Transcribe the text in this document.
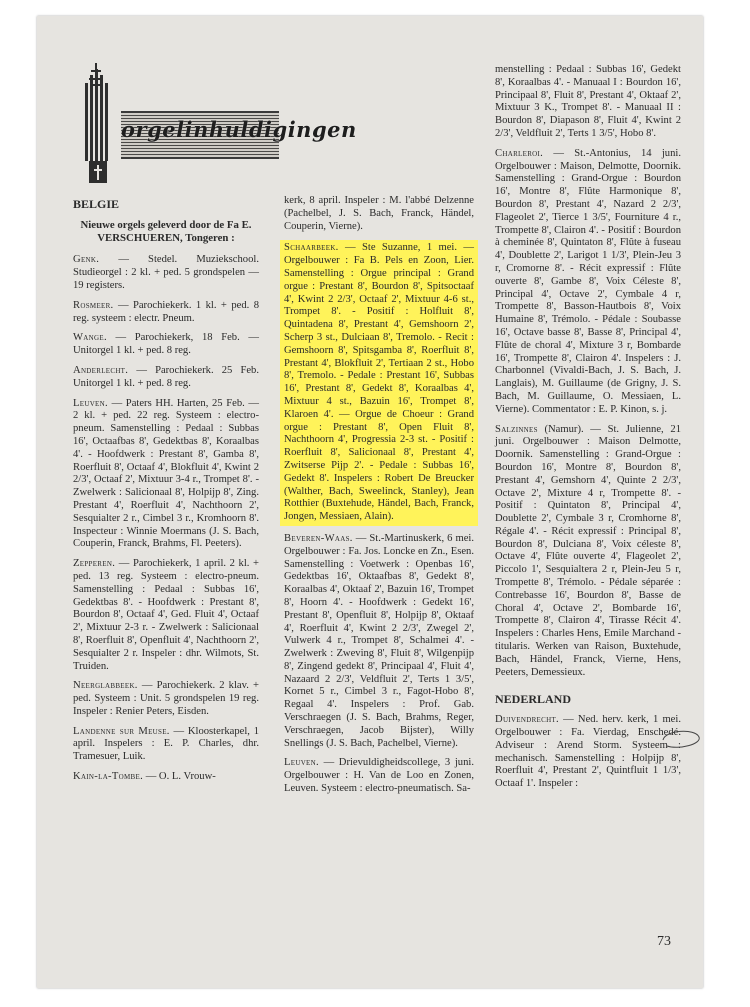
orgelinhuldigingen
BELGIE
Nieuwe orgels geleverd door de Fa E. VERSCHUEREN, Tongeren :

Genk. — Stedel. Muziekschool. Studieorgel : 2 kl. + ped. 5 grondspelen — 19 registers.

Rosmeer. — Parochiekerk. 1 kl. + ped. 8 reg. systeem : electr. Pneum.

Wange. — Parochiekerk, 18 Feb. — Unitorgel 1 kl. + ped. 8 reg.

Anderlecht. — Parochiekerk. 25 Feb. Unitorgel 1 kl. + ped. 8 reg.

Leuven. — Paters HH. Harten, 25 Feb. — 2 kl. + ped. 22 reg. Systeem : electro-pneum. Samenstelling : Pedaal : Subbas 16', Octaafbas 8', Gedektbas 8', Koraalbas 4'. - Hoofdwerk : Prestant 8', Gamba 8', Roerfluit 8', Octaaf 4', Blokfluit 4', Kwint 2 2/3', Octaaf 2', Mixtuur 3-4 r., Trompet 8'. - Zwelwerk : Salicionaal 8', Holpijp 8', Zing. Prestant 4', Roerfluit 4', Nachthoorn 2', Sesquialter 2 r., Cimbel 3 r., Kromhoorn 8'. Inspecteur : Winnie Moermans (J. S. Bach, Couperin, Franck, Brahms, Fl. Peeters).

Zepperen. — Parochiekerk, 1 april. 2 kl. + ped. 13 reg. Systeem : electro-pneum. Samenstelling : Pedaal : Subbas 16', Gedektbas 8'. - Hoofdwerk : Prestant 8', Bourdon 8', Octaaf 4', Ged. Fluit 4', Octaaf 2', Mixtuur 2-3 r. - Zwelwerk : Salicionaal 8', Roerfluit 8', Openfluit 4', Nachthoorn 2', Sesquialter 2 r. Inspeler : dhr. Wilmots, St. Truiden.

Neerglabbeek. — Parochiekerk. 2 klav. + ped. Systeem : Unit. 5 grondspelen 19 reg. Inspeler : Renier Peters, Eisden.

Landenne sur Meuse. — Kloosterkapel, 1 april. Inspelers : E. P. Charles, dhr. Tramesuer, Luik.

Kain-la-Tombe. — O. L. Vrouw-

kerk, 8 april. Inspeler : M. l'abbé Delzenne (Pachelbel, J. S. Bach, Franck, Händel, Couperin, Vierne).

Schaarbeek. — Ste Suzanne, 1 mei. — Orgelbouwer : Fa B. Pels en Zoon, Lier. Samenstelling : Orgue principal : Grand orgue : Prestant 8', Bourdon 8', Spitsoctaaf 4', Kwint 2 2/3', Octaaf 2', Mixtuur 4-6 st., Trompet 8'. - Positif : Holfluit 8', Quintadena 8', Prestant 4', Gemshoorn 2', Scherp 3 st., Dulciaan 8', Tremolo. - Recit : Gemshoorn 8', Spitsgamba 8', Roerfluit 8', Prestant 4', Blokfluit 2', Tertiaan 2 st., Hobo 8', Tremolo. - Pedale : Prestant 16', Subbas 16', Prestant 8', Gedekt 8', Koraalbas 4', Mixtuur 4 st., Bazuin 16', Trompet 8', Klaroen 4'. — Orgue de Choeur : Grand orgue : Prestant 8', Open Fluit 8', Nachthoorn 4', Progressia 2-3 st. - Positif : Roerfluit 8', Salicionaal 8', Prestant 4', Zwitserse Pijp 2'. - Pedale : Subbas 16', Gedekt 8'. Inspelers : Robert De Breucker (Walther, Bach, Sweelinck, Stanley), Jean Rotthier (Buxtehude, Händel, Bach, Franck, Jongen, Messiaen, Alain).

Beveren-Waas. — St.-Martinuskerk, 6 mei. Orgelbouwer : Fa. Jos. Loncke en Zn., Esen. Samenstelling : Voetwerk : Openbas 16', Gedektbas 16', Oktaafbas 8', Gedekt 8', Koraalbas 4', Oktaaf 2', Bazuin 16', Trompet 8', Hoorn 4'. - Hoofdwerk : Gedekt 16', Prestant 8', Openfluit 8', Holpijp 8', Oktaaf 4', Roerfluit 4', Kwint 2 2/3', Zwegel 2', Vulwerk 4 r., Trompet 8', Schalmei 4'. - Zwelwerk : Zweving 8', Fluit 8', Wilgenpijp 8', Zingend gedekt 8', Principaal 4', Fluit 4', Nazaard 2 2/3', Veldfluit 2', Terts 1 3/5', Kornet 5 r., Cimbel 3 r., Fagot-Hobo 8', Regaal 4'. Inspelers : Prof. Gab. Verschraegen (J. S. Bach, Brahms, Reger, Verschraegen, Jacob Bijster), Willy Snellings (J. S. Bach, Pachelbel, Vierne).

Leuven. — Drievuldigheidscollege, 3 juni. Orgelbouwer : H. Van de Loo en Zonen, Leuven. Systeem : electro-pneumatisch. Sa-

menstelling : Pedaal : Subbas 16', Gedekt 8', Koraalbas 4'. - Manuaal I : Bourdon 16', Principaal 8', Fluit 8', Prestant 4', Oktaaf 2', Mixtuur 3 K., Trompet 8'. - Manuaal II : Bourdon 8', Diapason 8', Fluit 4', Kwint 2 2/3', Veldfluit 2', Terts 1 3/5', Hobo 8'.

Charleroi. — St.-Antonius, 14 juni. Orgelbouwer : Maison, Delmotte, Doornik. Samenstelling : Grand-Orgue : Bourdon 16', Montre 8', Flûte Harmonique 8', Bourdon 8', Prestant 4', Nazard 2 2/3', Flageolet 2', Tierce 1 3/5', Fourniture 4 r., Trompette 8', Clairon 4'. - Positif : Bourdon à cheminée 8', Quintaton 8', Flûte à fuseau 4', Doublette 2', Larigot 1 1/3', Plein-Jeu 3 r, Cromorne 8'. - Récit expressif : Flûte ouverte 8', Gambe 8', Voix Céleste 8', Principal 4', Octave 2', Cymbale 4 r, Trompette 8', Basson-Hautbois 8', Voix Humaine 8', Trémolo. - Pédale : Soubasse 16', Octave basse 8', Basse 8', Principal 4', Flûte de choral 4', Mixture 3 r, Bombarde 16', Trompette 8', Clairon 4'. Inspelers : J. Charbonnel (Vivaldi-Bach, J. S. Bach, J. Langlais), M. Guillaume (de Grigny, J. S. Bach, M. Guillaume, O. Messiaen, L. Vierne). Commentator : E. P. Kinon, s. j.

Salzinnes (Namur). — St. Julienne, 21 juni. Orgelbouwer : Maison Delmotte, Doornik. Samenstelling : Grand-Orgue : Bourdon 16', Montre 8', Bourdon 8', Prestant 4', Gemshorn 4', Quinte 2 2/3', Octave 2', Mixture 4 r, Trompette 8'. - Positif : Quintaton 8', Principal 4', Doublette 2', Cymbale 3 r, Cromhorne 8', Régale 4'. - Récit expressif : Principal 8', Bourdon 8', Dulciana 8', Voix céleste 8', Octave 4', Flûte ouverte 4', Flageolet 2', Piccolo 1', Sesquialtera 2 r, Plein-Jeu 5 r, Trompette 8', Trémolo. - Pédale séparée : Contrebasse 16', Bourdon 8', Basse de Choral 4', Octave 2', Bombarde 16', Trompette 8', Clairon 4', Tirasse Récit 4'. Inspelers : Charles Hens, Emile Marchand - titularis. Werken van Raison, Buxtehude, Bach, Händel, Franck, Vierne, Hens, Peeters, Demessieux.

NEDERLAND

Duivendrecht. — Ned. herv. kerk, 1 mei. Orgelbouwer : Fa. Vierdag, Enschedé. Adviseur : Arend Storm. Systeem : mechanisch. Samenstelling : Holpijp 8', Roerfluit 4', Prestant 2', Quintfluit 1 1/3', Octaaf 1'. Inspeler :

73
